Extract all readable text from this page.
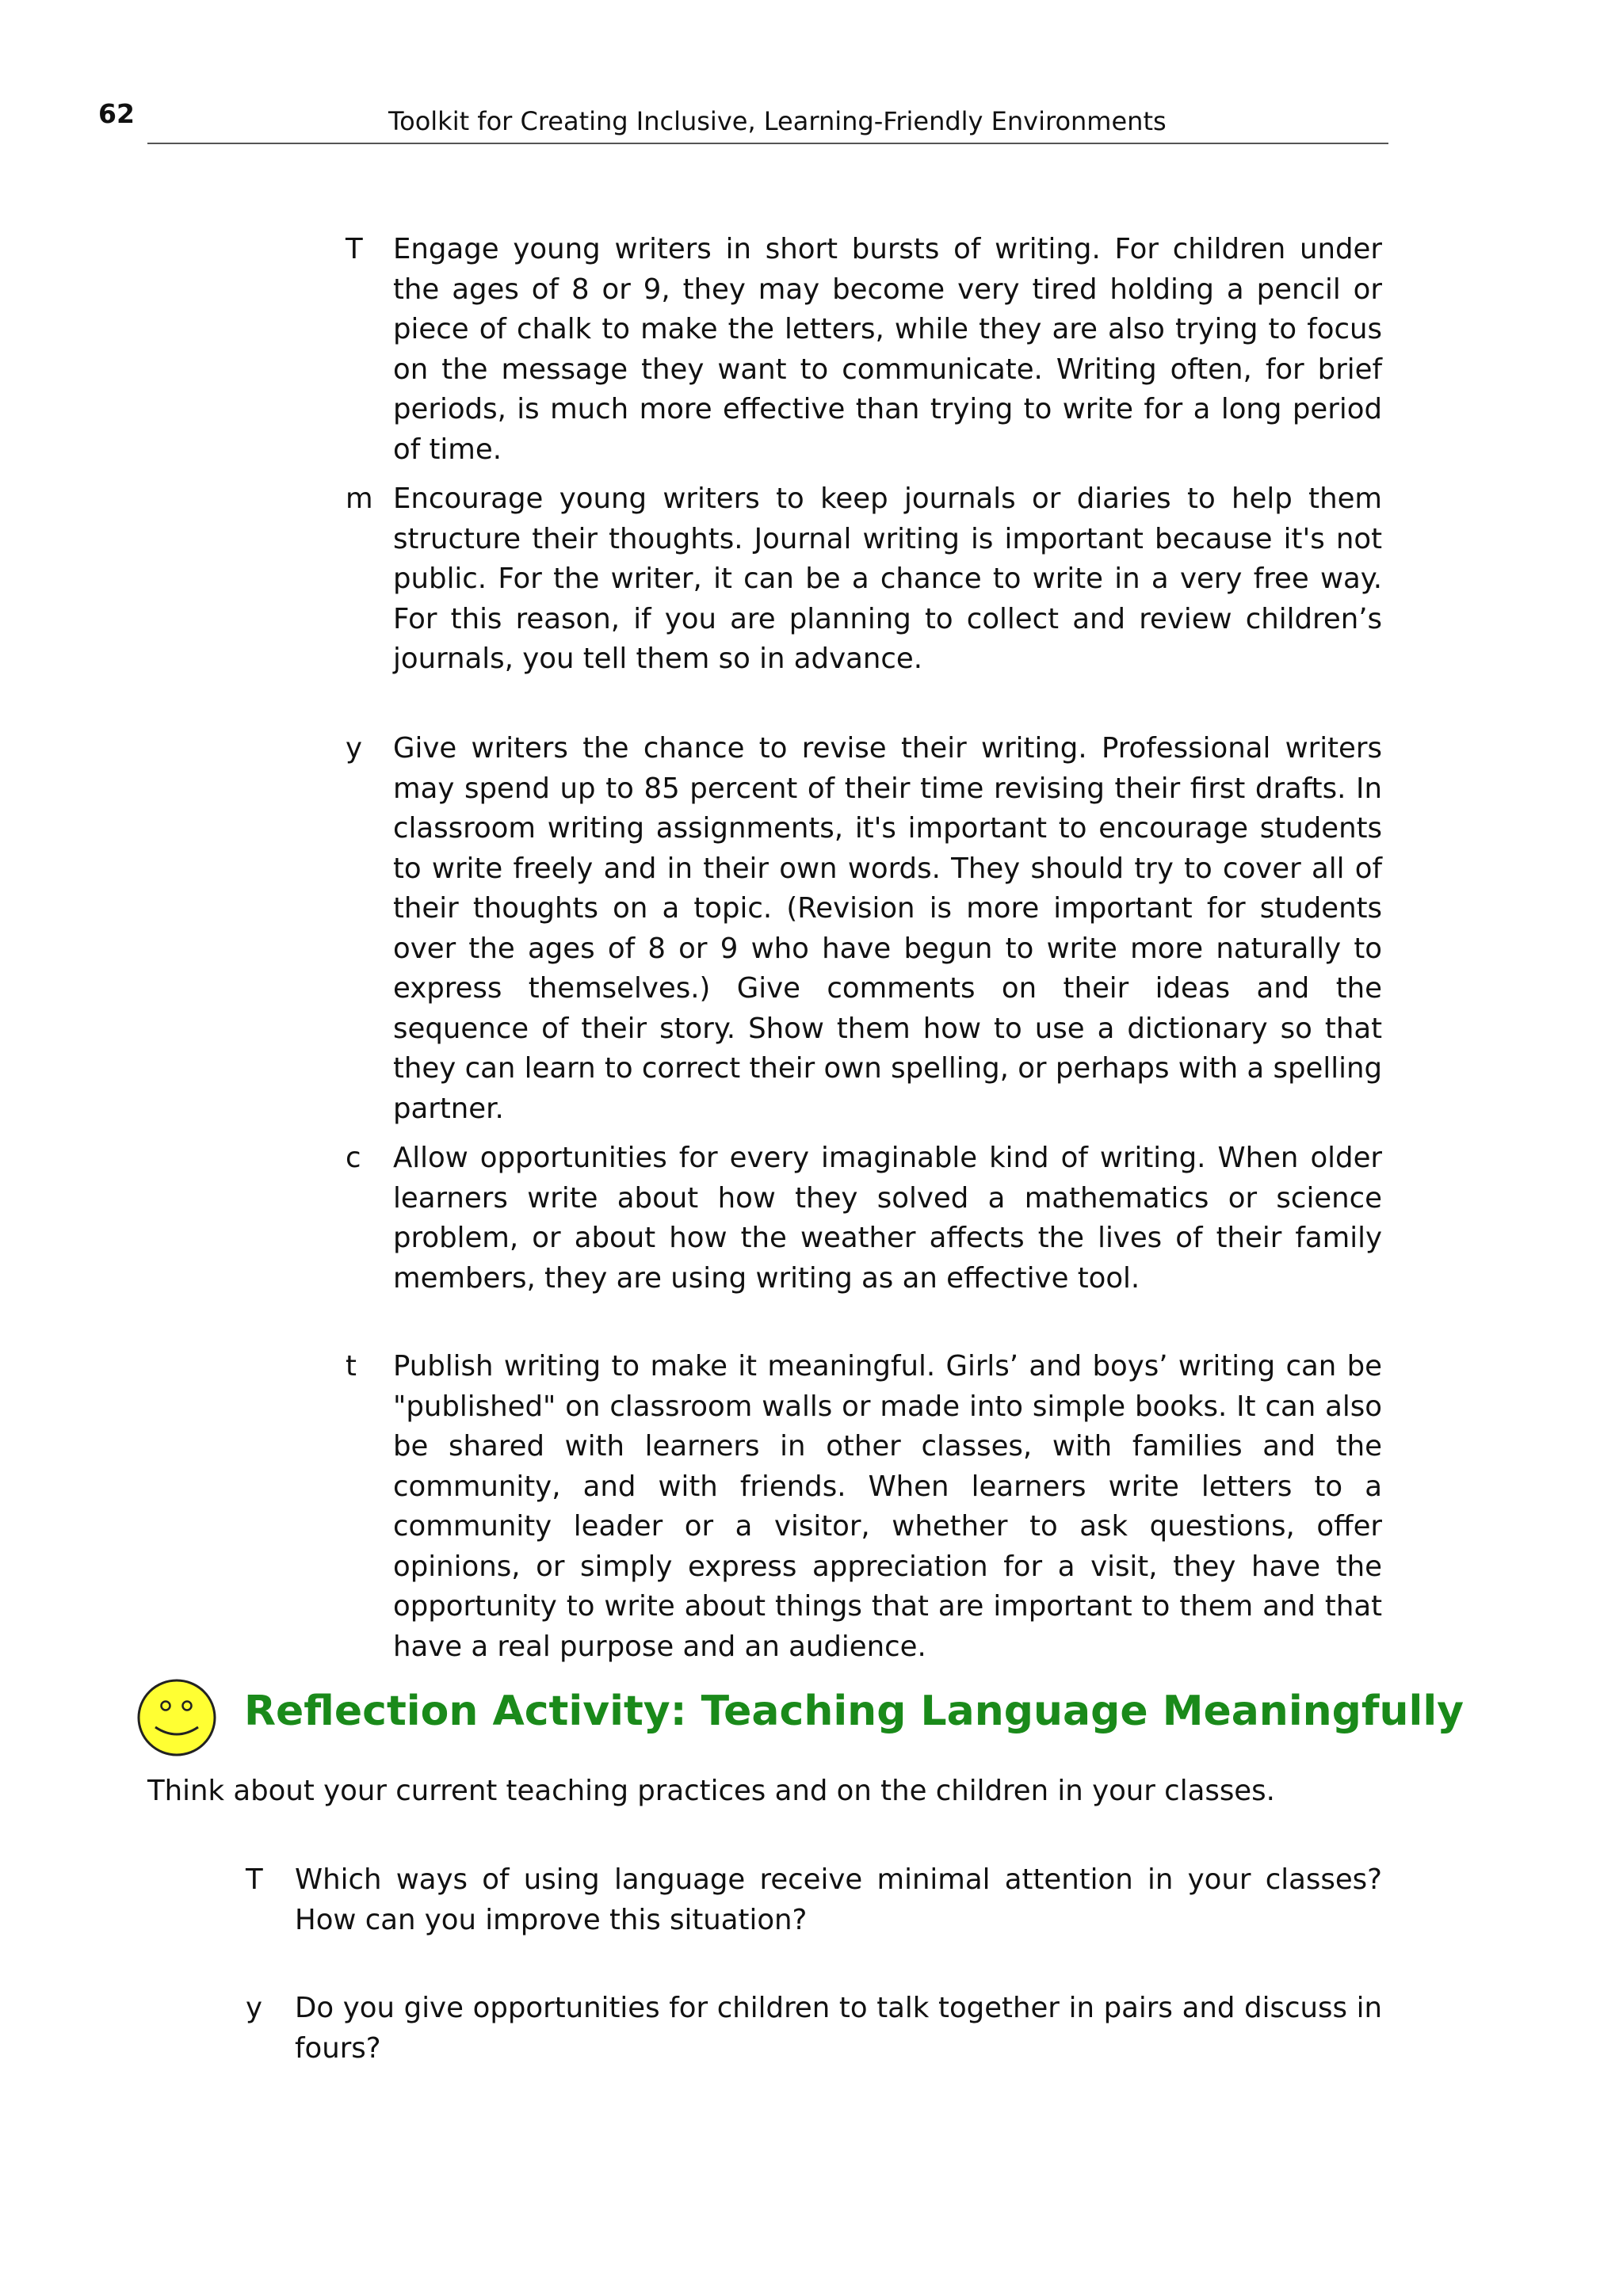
62	Toolkit for Creating Inclusive, Learning-Friendly Environments
T	Engage young writers in short bursts of writing. For children under the ages of 8 or 9, they may become very tired holding a pencil or piece of chalk to make the letters, while they are also trying to focus on the message they want to communicate. Writing often, for brief periods, is much more effective than trying to write for a long period of time.
m Encourage young writers to keep journals or diaries to help them structure their thoughts. Journal writing is important because it's not public. For the writer, it can be a chance to write in a very free way. For this reason, if you are planning to collect and review children’s journals, you tell them so in advance.
y	Give writers the chance to revise their writing. Professional writers may spend up to 85 percent of their time revising their first drafts. In classroom writing assignments, it's important to encourage students to write freely and in their own words. They should try to cover all of their thoughts on a topic. (Revision is more important for students over the ages of 8 or 9 who have begun to write more naturally to express themselves.) Give comments on their ideas and the sequence of their story. Show them how to use a dictionary so that they can learn to correct their own spelling, or perhaps with a spelling partner.
c	Allow opportunities for every imaginable kind of writing. When older learners write about how they solved a mathematics or science problem, or about how the weather affects the lives of their family members, they are using writing as an effective tool.
t	Publish writing to make it meaningful. Girls’ and boys’ writing can be "published" on classroom walls or made into simple books. It can also be shared with learners in other classes, with families and the community, and with friends. When learners write letters to a community leader or a visitor, whether to ask questions, offer opinions, or simply express appreciation for a visit, they have the opportunity to write about things that are important to them and that have a real purpose and an audience.
Reflection Activity: Teaching Language Meaningfully
Think about your current teaching practices and on the children in your classes.
T	Which ways of using language receive minimal attention in your classes? How can you improve this situation?
y	Do you give opportunities for children to talk together in pairs and discuss in fours?
